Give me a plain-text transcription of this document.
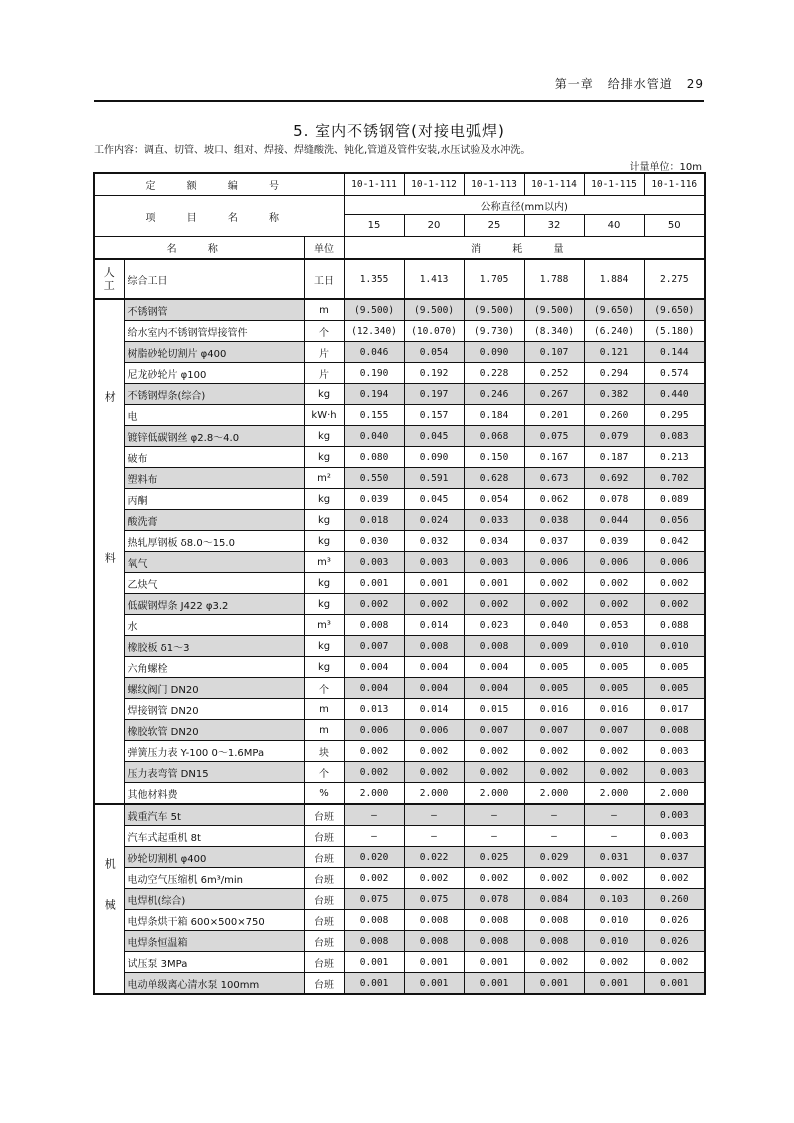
第一章 给排水管道 29
5. 室内不锈钢管(对接电弧焊)
工作内容：调直、切管、坡口、组对、焊接、焊缝酸洗、钝化,管道及管件安装,水压试验及水冲洗。
计量单位：10m
定 额 编 号			10-1-111	10-1-112	10-1-113	10-1-114	10-1-115	10-1-116
项 目 名 称			公称直径(mm以内)					
			15	20	25	32	40	50
名 称		单位	消 耗 量					
人工	综合工日	工日	1.355	1.413	1.705	1.788	1.884	2.275
材料	不锈钢管	m	(9.500)	(9.500)	(9.500)	(9.500)	(9.650)	(9.650)
	给水室内不锈钢管焊接管件	个	(12.340)	(10.070)	(9.730)	(8.340)	(6.240)	(5.180)
	树脂砂轮切割片 φ400	片	0.046	0.054	0.090	0.107	0.121	0.144
	尼龙砂轮片 φ100	片	0.190	0.192	0.228	0.252	0.294	0.574
	不锈钢焊条(综合)	kg	0.194	0.197	0.246	0.267	0.382	0.440
	电	kW·h	0.155	0.157	0.184	0.201	0.260	0.295
	镀锌低碳钢丝 φ2.8～4.0	kg	0.040	0.045	0.068	0.075	0.079	0.083
	破布	kg	0.080	0.090	0.150	0.167	0.187	0.213
	塑料布	m²	0.550	0.591	0.628	0.673	0.692	0.702
	丙酮	kg	0.039	0.045	0.054	0.062	0.078	0.089
	酸洗膏	kg	0.018	0.024	0.033	0.038	0.044	0.056
	热轧厚钢板 δ8.0～15.0	kg	0.030	0.032	0.034	0.037	0.039	0.042
	氧气	m³	0.003	0.003	0.003	0.006	0.006	0.006
	乙炔气	kg	0.001	0.001	0.001	0.002	0.002	0.002
	低碳钢焊条 J422 φ3.2	kg	0.002	0.002	0.002	0.002	0.002	0.002
	水	m³	0.008	0.014	0.023	0.040	0.053	0.088
	橡胶板 δ1～3	kg	0.007	0.008	0.008	0.009	0.010	0.010
	六角螺栓	kg	0.004	0.004	0.004	0.005	0.005	0.005
	螺纹阀门 DN20	个	0.004	0.004	0.004	0.005	0.005	0.005
	焊接钢管 DN20	m	0.013	0.014	0.015	0.016	0.016	0.017
	橡胶软管 DN20	m	0.006	0.006	0.007	0.007	0.007	0.008
	弹簧压力表 Y-100 0～1.6MPa	块	0.002	0.002	0.002	0.002	0.002	0.003
	压力表弯管 DN15	个	0.002	0.002	0.002	0.002	0.002	0.003
	其他材料费	%	2.000	2.000	2.000	2.000	2.000	2.000
机械	载重汽车 5t	台班	—	—	—	—	—	0.003
	汽车式起重机 8t	台班	—	—	—	—	—	0.003
	砂轮切割机 φ400	台班	0.020	0.022	0.025	0.029	0.031	0.037
	电动空气压缩机 6m³/min	台班	0.002	0.002	0.002	0.002	0.002	0.002
	电焊机(综合)	台班	0.075	0.075	0.078	0.084	0.103	0.260
	电焊条烘干箱 600×500×750	台班	0.008	0.008	0.008	0.008	0.010	0.026
	电焊条恒温箱	台班	0.008	0.008	0.008	0.008	0.010	0.026
	试压泵 3MPa	台班	0.001	0.001	0.001	0.002	0.002	0.002
	电动单级离心清水泵 100mm	台班	0.001	0.001	0.001	0.001	0.001	0.001
